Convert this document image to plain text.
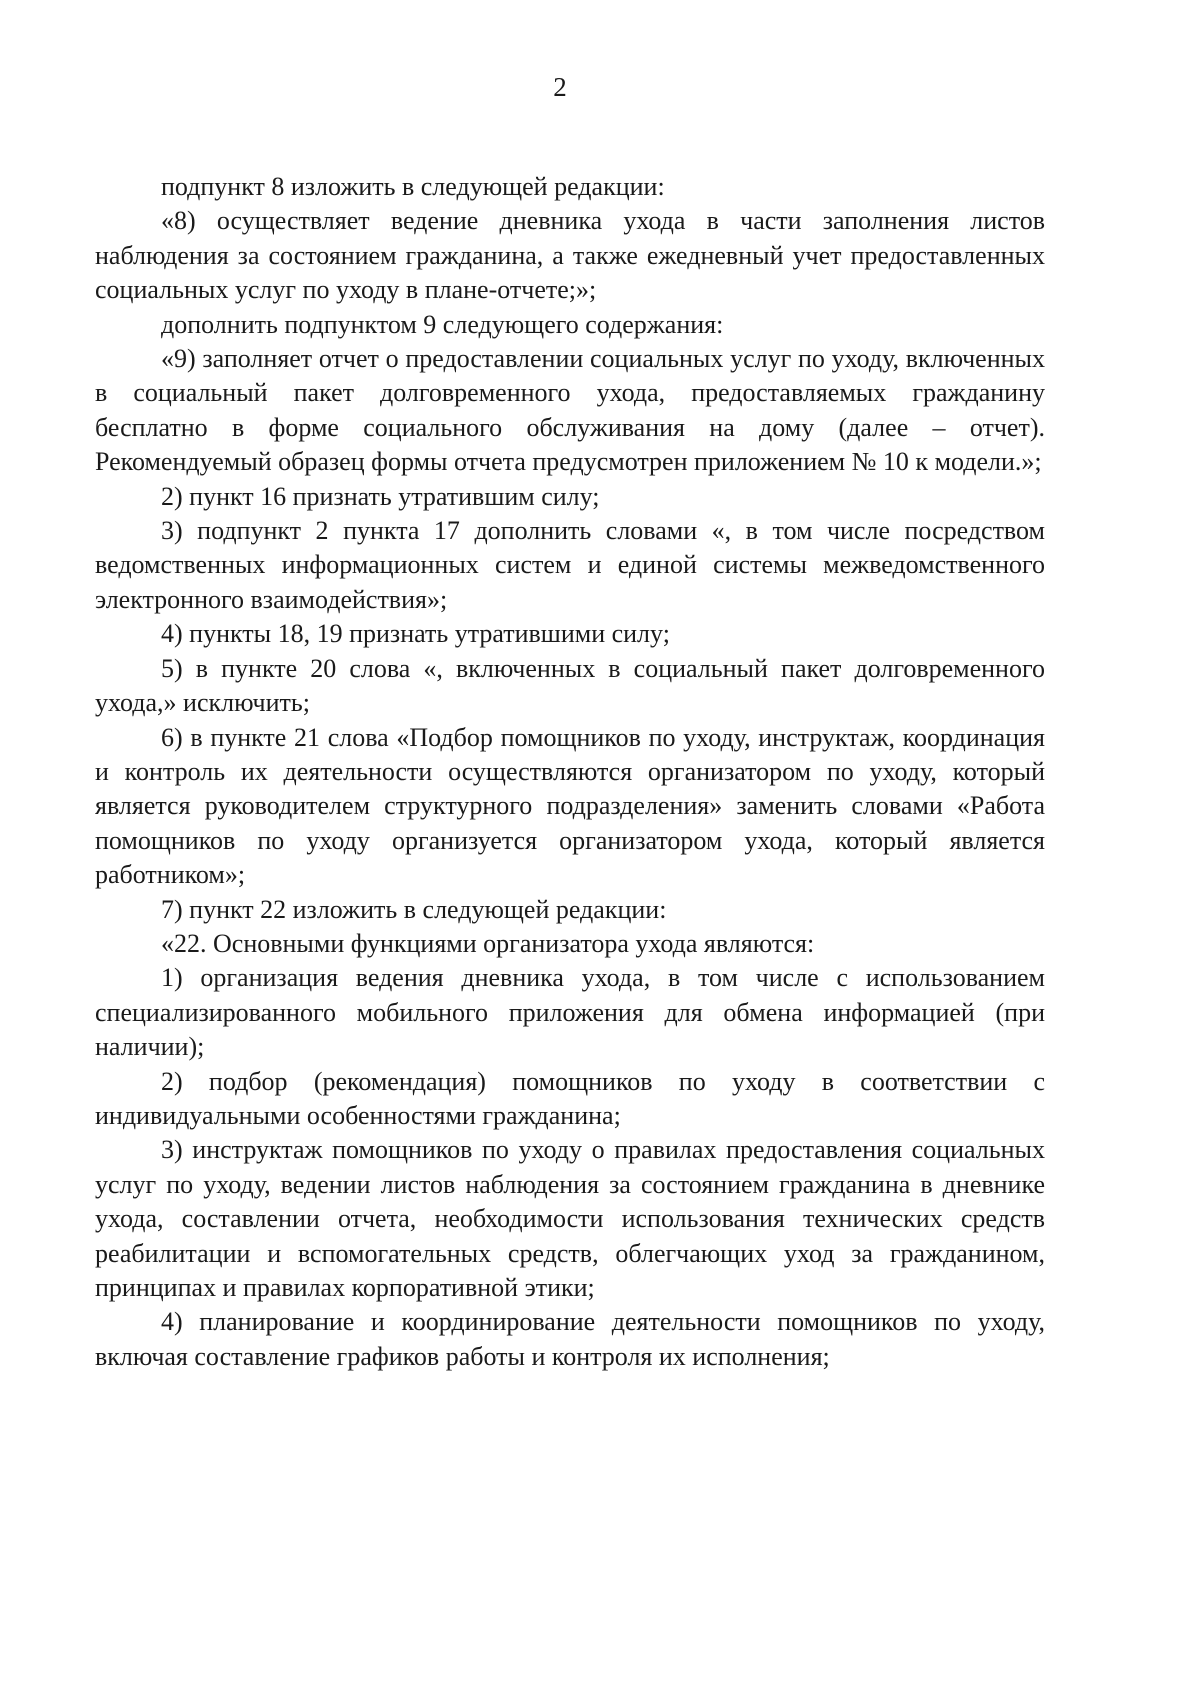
2

подпункт 8 изложить в следующей редакции:

«8) осуществляет ведение дневника ухода в части заполнения листов наблюдения за состоянием гражданина, а также ежедневный учет предоставленных социальных услуг по уходу в плане-отчете;»;

дополнить подпунктом 9 следующего содержания:

«9) заполняет отчет о предоставлении социальных услуг по уходу, включенных в социальный пакет долговременного ухода, предоставляемых гражданину бесплатно в форме социального обслуживания на дому (далее – отчет). Рекомендуемый образец формы отчета предусмотрен приложением № 10 к модели.»;

2) пункт 16 признать утратившим силу;

3) подпункт 2 пункта 17 дополнить словами «, в том числе посредством ведомственных информационных систем и единой системы межведомственного электронного взаимодействия»;

4) пункты 18, 19 признать утратившими силу;

5) в пункте 20 слова «, включенных в социальный пакет долговременного ухода,» исключить;

6) в пункте 21 слова «Подбор помощников по уходу, инструктаж, координация и контроль их деятельности осуществляются организатором по уходу, который является руководителем структурного подразделения» заменить словами «Работа помощников по уходу организуется организатором ухода, который является работником»;

7) пункт 22 изложить в следующей редакции:

«22. Основными функциями организатора ухода являются:

1) организация ведения дневника ухода, в том числе с использованием специализированного мобильного приложения для обмена информацией (при наличии);

2) подбор (рекомендация) помощников по уходу в соответствии с индивидуальными особенностями гражданина;

3) инструктаж помощников по уходу о правилах предоставления социальных услуг по уходу, ведении листов наблюдения за состоянием гражданина в дневнике ухода, составлении отчета, необходимости использования технических средств реабилитации и вспомогательных средств, облегчающих уход за гражданином, принципах и правилах корпоративной этики;

4) планирование и координирование деятельности помощников по уходу, включая составление графиков работы и контроля их исполнения;
